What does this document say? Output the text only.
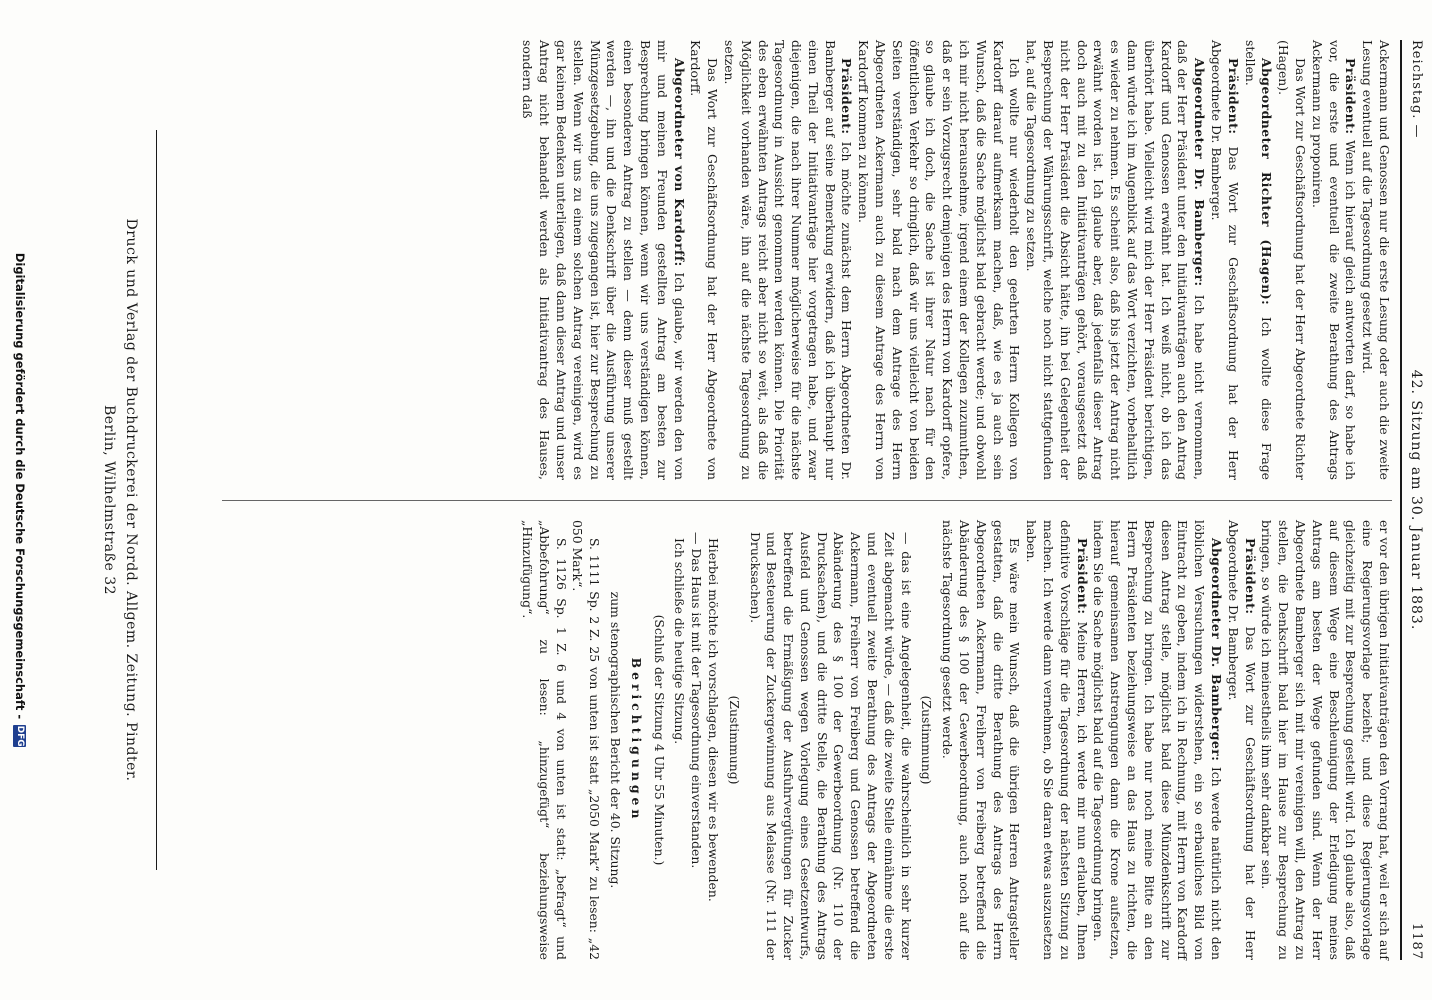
Reichstag. —
42. Sitzung am 30. Januar 1883.
1187

Ackermann und Genossen nur die erste Lesung oder auch die zweite Lesung eventuell auf die Tagesordnung gesetzt wird.

Präsident: Wenn ich hierauf gleich antworten darf, so habe ich vor, die erste und eventuell die zweite Berathung des Antrags Ackermann zu proponiren.

Das Wort zur Geschäftsordnung hat der Herr Abgeordnete Richter (Hagen).

Abgeordneter Richter (Hagen): Ich wollte diese Frage stellen.

Präsident: Das Wort zur Geschäftsordnung hat der Herr Abgeordnete Dr. Bamberger.

Abgeordneter Dr. Bamberger: Ich habe nicht vernommen, daß der Herr Präsident unter den Initiativanträgen auch den Antrag Kardorff und Genossen erwähnt hat. Ich weiß nicht, ob ich das überhört habe. Vielleicht wird mich der Herr Präsident berichtigen, dann würde ich im Augenblick auf das Wort verzichten, vorbehaltlich es wieder zu nehmen. Es scheint also, daß bis jetzt der Antrag nicht erwähnt worden ist. Ich glaube aber, daß jedenfalls dieser Antrag doch auch mit zu den Initiativanträgen gehört, vorausgesetzt daß nicht der Herr Präsident die Absicht hätte, ihn bei Gelegenheit der Besprechung der Währungsschrift, welche noch nicht stattgefunden hat, auf die Tagesordnung zu setzen.

Ich wollte nur wiederholt den geehrten Herrn Kollegen von Kardorff darauf aufmerksam machen, daß, wie es ja auch sein Wunsch, daß die Sache möglichst bald gebracht werde; und obwohl ich mir nicht herausnehme, irgend einem der Kollegen zuzumuthen, daß er sein Vorzugsrecht demjenigen des Herrn von Kardorff opfere, so glaube ich doch, die Sache ist ihrer Natur nach für den öffentlichen Verkehr so dringlich, daß wir uns vielleicht von beiden Seiten verständigen, sehr bald nach dem Antrage des Herrn Abgeordneten Ackermann auch zu diesem Antrage des Herrn von Kardorff kommen zu können.

Präsident: Ich möchte zunächst dem Herrn Abgeordneten Dr. Bamberger auf seine Bemerkung erwidern, daß ich überhaupt nur einen Theil der Initiativanträge hier vorgetragen habe, und zwar diejenigen, die nach ihrer Nummer möglicherweise für die nächste Tagesordnung in Aussicht genommen werden können. Die Priorität des eben erwähnten Antrags reicht aber nicht so weit, als daß die Möglichkeit vorhanden wäre, ihn auf die nächste Tagesordnung zu setzen.

Das Wort zur Geschäftsordnung hat der Herr Abgeordnete von Kardorff.

Abgeordneter von Kardorff: Ich glaube, wir werden den von mir und meinen Freunden gestellten Antrag am besten zur Besprechung bringen können, wenn wir uns verständigen können, einen besonderen Antrag zu stellen — denn dieser muß gestellt werden —, ihn und die Denkschrift über die Ausführung unserer Münzgesetzgebung, die uns zugegangen ist, hier zur Besprechung zu stellen. Wenn wir uns zu einem solchen Antrag vereinigen, wird es gar keinem Bedenken unterliegen, daß dann dieser Antrag und unser Antrag nicht behandelt werden als Initiativantrag des Hauses, sondern daß

er vor den übrigen Initiativanträgen den Vorrang hat, weil er sich auf eine Regierungsvorlage bezieht; und diese Regierungsvorlage gleichzeitig mit zur Besprechung gestellt wird. Ich glaube also, daß auf diesem Wege eine Beschleunigung der Erledigung meines Antrags am besten der Wege gefunden sind. Wenn der Herr Abgeordnete Bamberger sich mit mir vereinigen will, den Antrag zu stellen, die Denkschrift bald hier im Hause zur Besprechung zu bringen, so würde ich meinestheils ihm sehr dankbar sein.

Präsident: Das Wort zur Geschäftsordnung hat der Herr Abgeordnete Dr. Bamberger.

Abgeordneter Dr. Bamberger: Ich werde natürlich nicht den löblichen Versuchungen widerstehen, ein so erbauliches Bild von Eintracht zu geben, indem ich in Rechnung, mit Herrn von Kardorff diesen Antrag stelle, möglichst bald diese Münzdenkschrift zur Besprechung zu bringen. Ich habe nur noch meine Bitte an den Herrn Präsidenten beziehungsweise an das Haus zu richten, die hierauf gemeinsamen Anstrengungen dann die Krone aufsetzen, indem Sie die Sache möglichst bald auf die Tagesordnung bringen.

Präsident: Meine Herren, ich werde mir nun erlauben, Ihnen definitive Vorschläge für die Tagesordnung der nächsten Sitzung zu machen. Ich werde dann vernehmen, ob Sie daran etwas auszusetzen haben.

Es wäre mein Wunsch, daß die übrigen Herren Antragsteller gestatten, daß die dritte Berathung des Antrags des Herrn Abgeordneten Ackermann, Freiherr von Freiberg betreffend die Abänderung des § 100 der Gewerbeordnung, auch noch auf die nächste Tagesordnung gesetzt werde.

(Zustimmung)

— das ist eine Angelegenheit, die wahrscheinlich in sehr kurzer Zeit abgemacht würde, — daß die zweite Stelle einnähme die erste und eventuell zweite Berathung des Antrags der Abgeordneten Ackermann, Freiherr von Freiberg und Genossen betreffend die Abänderung des § 100 der Gewerbeordnung (Nr. 110 der Drucksachen), und die dritte Stelle, die Berathung des Antrags Ausfeld und Genossen wegen Vorlegung eines Gesetzentwurfs, betreffend die Ermäßigung der Ausfuhrvergütungen für Zucker und Besteuerung der Zuckergewinnung aus Melasse (Nr. 111 der Drucksachen).

(Zustimmung)

Hierbei möchte ich vorschlagen, diesen wir es bewenden.

— Das Haus ist mit der Tagesordnung einverstanden.

Ich schließe die heutige Sitzung.

(Schluß der Sitzung 4 Uhr 55 Minuten.)

Berichtigungen

zum stenographischen Bericht der 40. Sitzung.

S. 1111 Sp. 2 Z. 25 von unten ist statt „2050 Mark“ zu lesen: „42 050 Mark“.

S. 1126 Sp. 1 Z. 6 und 4 von unten ist statt: „befragt“ und „Abbefohrung“ zu lesen: „hinzugefügt“ beziehungsweise „Hinzufügung“.

Druck und Verlag der Buchdruckerei der Nordd. Allgem. Zeitung. Pindter.
Berlin, Wilhelmstraße 32
Digitalisierung gefördert durch die Deutsche Forschungsgemeinschaft -DFG
